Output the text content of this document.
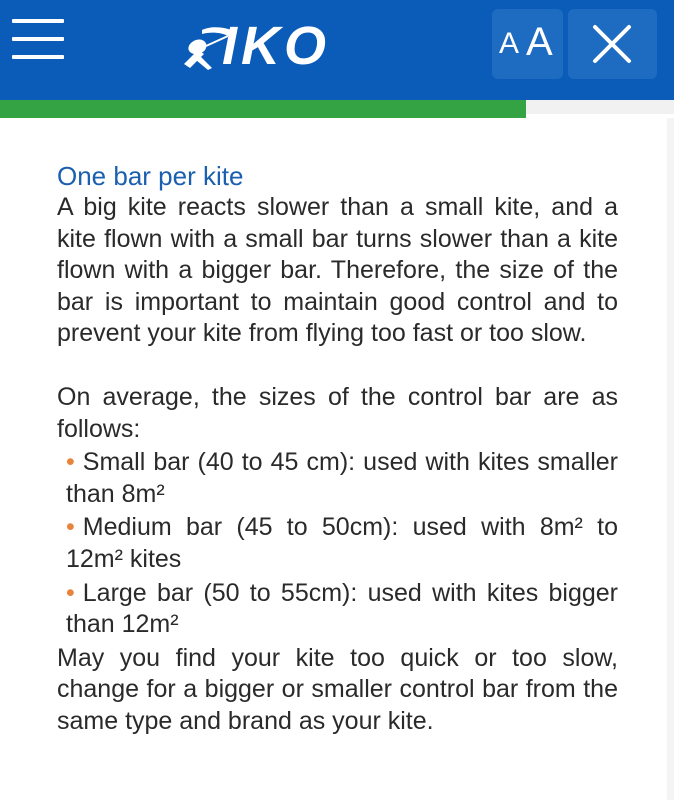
IKO	A A
One bar per kite

A big kite reacts slower than a small kite, and a kite flown with a small bar turns slower than a kite flown with a bigger bar. Therefore, the size of the bar is important to maintain good control and to prevent your kite from flying too fast or too slow.

On average, the sizes of the control bar are as follows:

• Small bar (40 to 45 cm): used with kites smaller than 8m²
• Medium bar (45 to 50cm): used with 8m² to 12m² kites
• Large bar (50 to 55cm): used with kites bigger than 12m²

May you find your kite too quick or too slow, change for a bigger or smaller control bar from the same type and brand as your kite.
